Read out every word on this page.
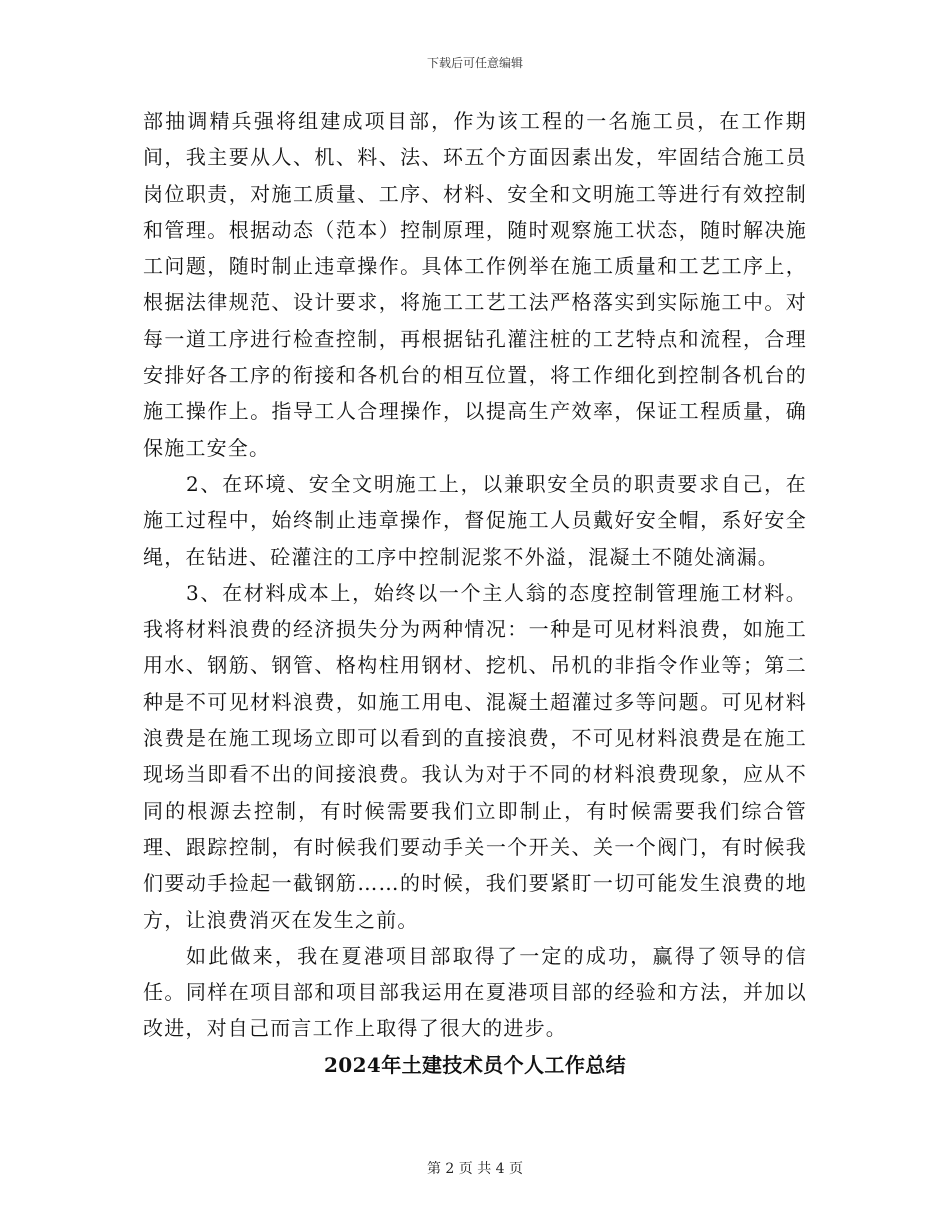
下载后可任意编辑

部抽调精兵强将组建成项目部，作为该工程的一名施工员，在工作期间，我主要从人、机、料、法、环五个方面因素出发，牢固结合施工员岗位职责，对施工质量、工序、材料、安全和文明施工等进行有效控制和管理。根据动态（范本）控制原理，随时观察施工状态，随时解决施工问题，随时制止违章操作。具体工作例举在施工质量和工艺工序上，根据法律规范、设计要求，将施工工艺工法严格落实到实际施工中。对每一道工序进行检查控制，再根据钻孔灌注桩的工艺特点和流程，合理安排好各工序的衔接和各机台的相互位置，将工作细化到控制各机台的施工操作上。指导工人合理操作，以提高生产效率，保证工程质量，确保施工安全。

2、在环境、安全文明施工上，以兼职安全员的职责要求自己，在施工过程中，始终制止违章操作，督促施工人员戴好安全帽，系好安全绳，在钻进、砼灌注的工序中控制泥浆不外溢，混凝土不随处滴漏。

3、在材料成本上，始终以一个主人翁的态度控制管理施工材料。我将材料浪费的经济损失分为两种情况：一种是可见材料浪费，如施工用水、钢筋、钢管、格构柱用钢材、挖机、吊机的非指令作业等；第二种是不可见材料浪费，如施工用电、混凝土超灌过多等问题。可见材料浪费是在施工现场立即可以看到的直接浪费，不可见材料浪费是在施工现场当即看不出的间接浪费。我认为对于不同的材料浪费现象，应从不同的根源去控制，有时候需要我们立即制止，有时候需要我们综合管理、跟踪控制，有时候我们要动手关一个开关、关一个阀门，有时候我们要动手捡起一截钢筋……的时候，我们要紧盯一切可能发生浪费的地方，让浪费消灭在发生之前。

如此做来，我在夏港项目部取得了一定的成功，赢得了领导的信任。同样在项目部和项目部我运用在夏港项目部的经验和方法，并加以改进，对自己而言工作上取得了很大的进步。

2024年土建技术员个人工作总结

第 2 页 共 4 页
